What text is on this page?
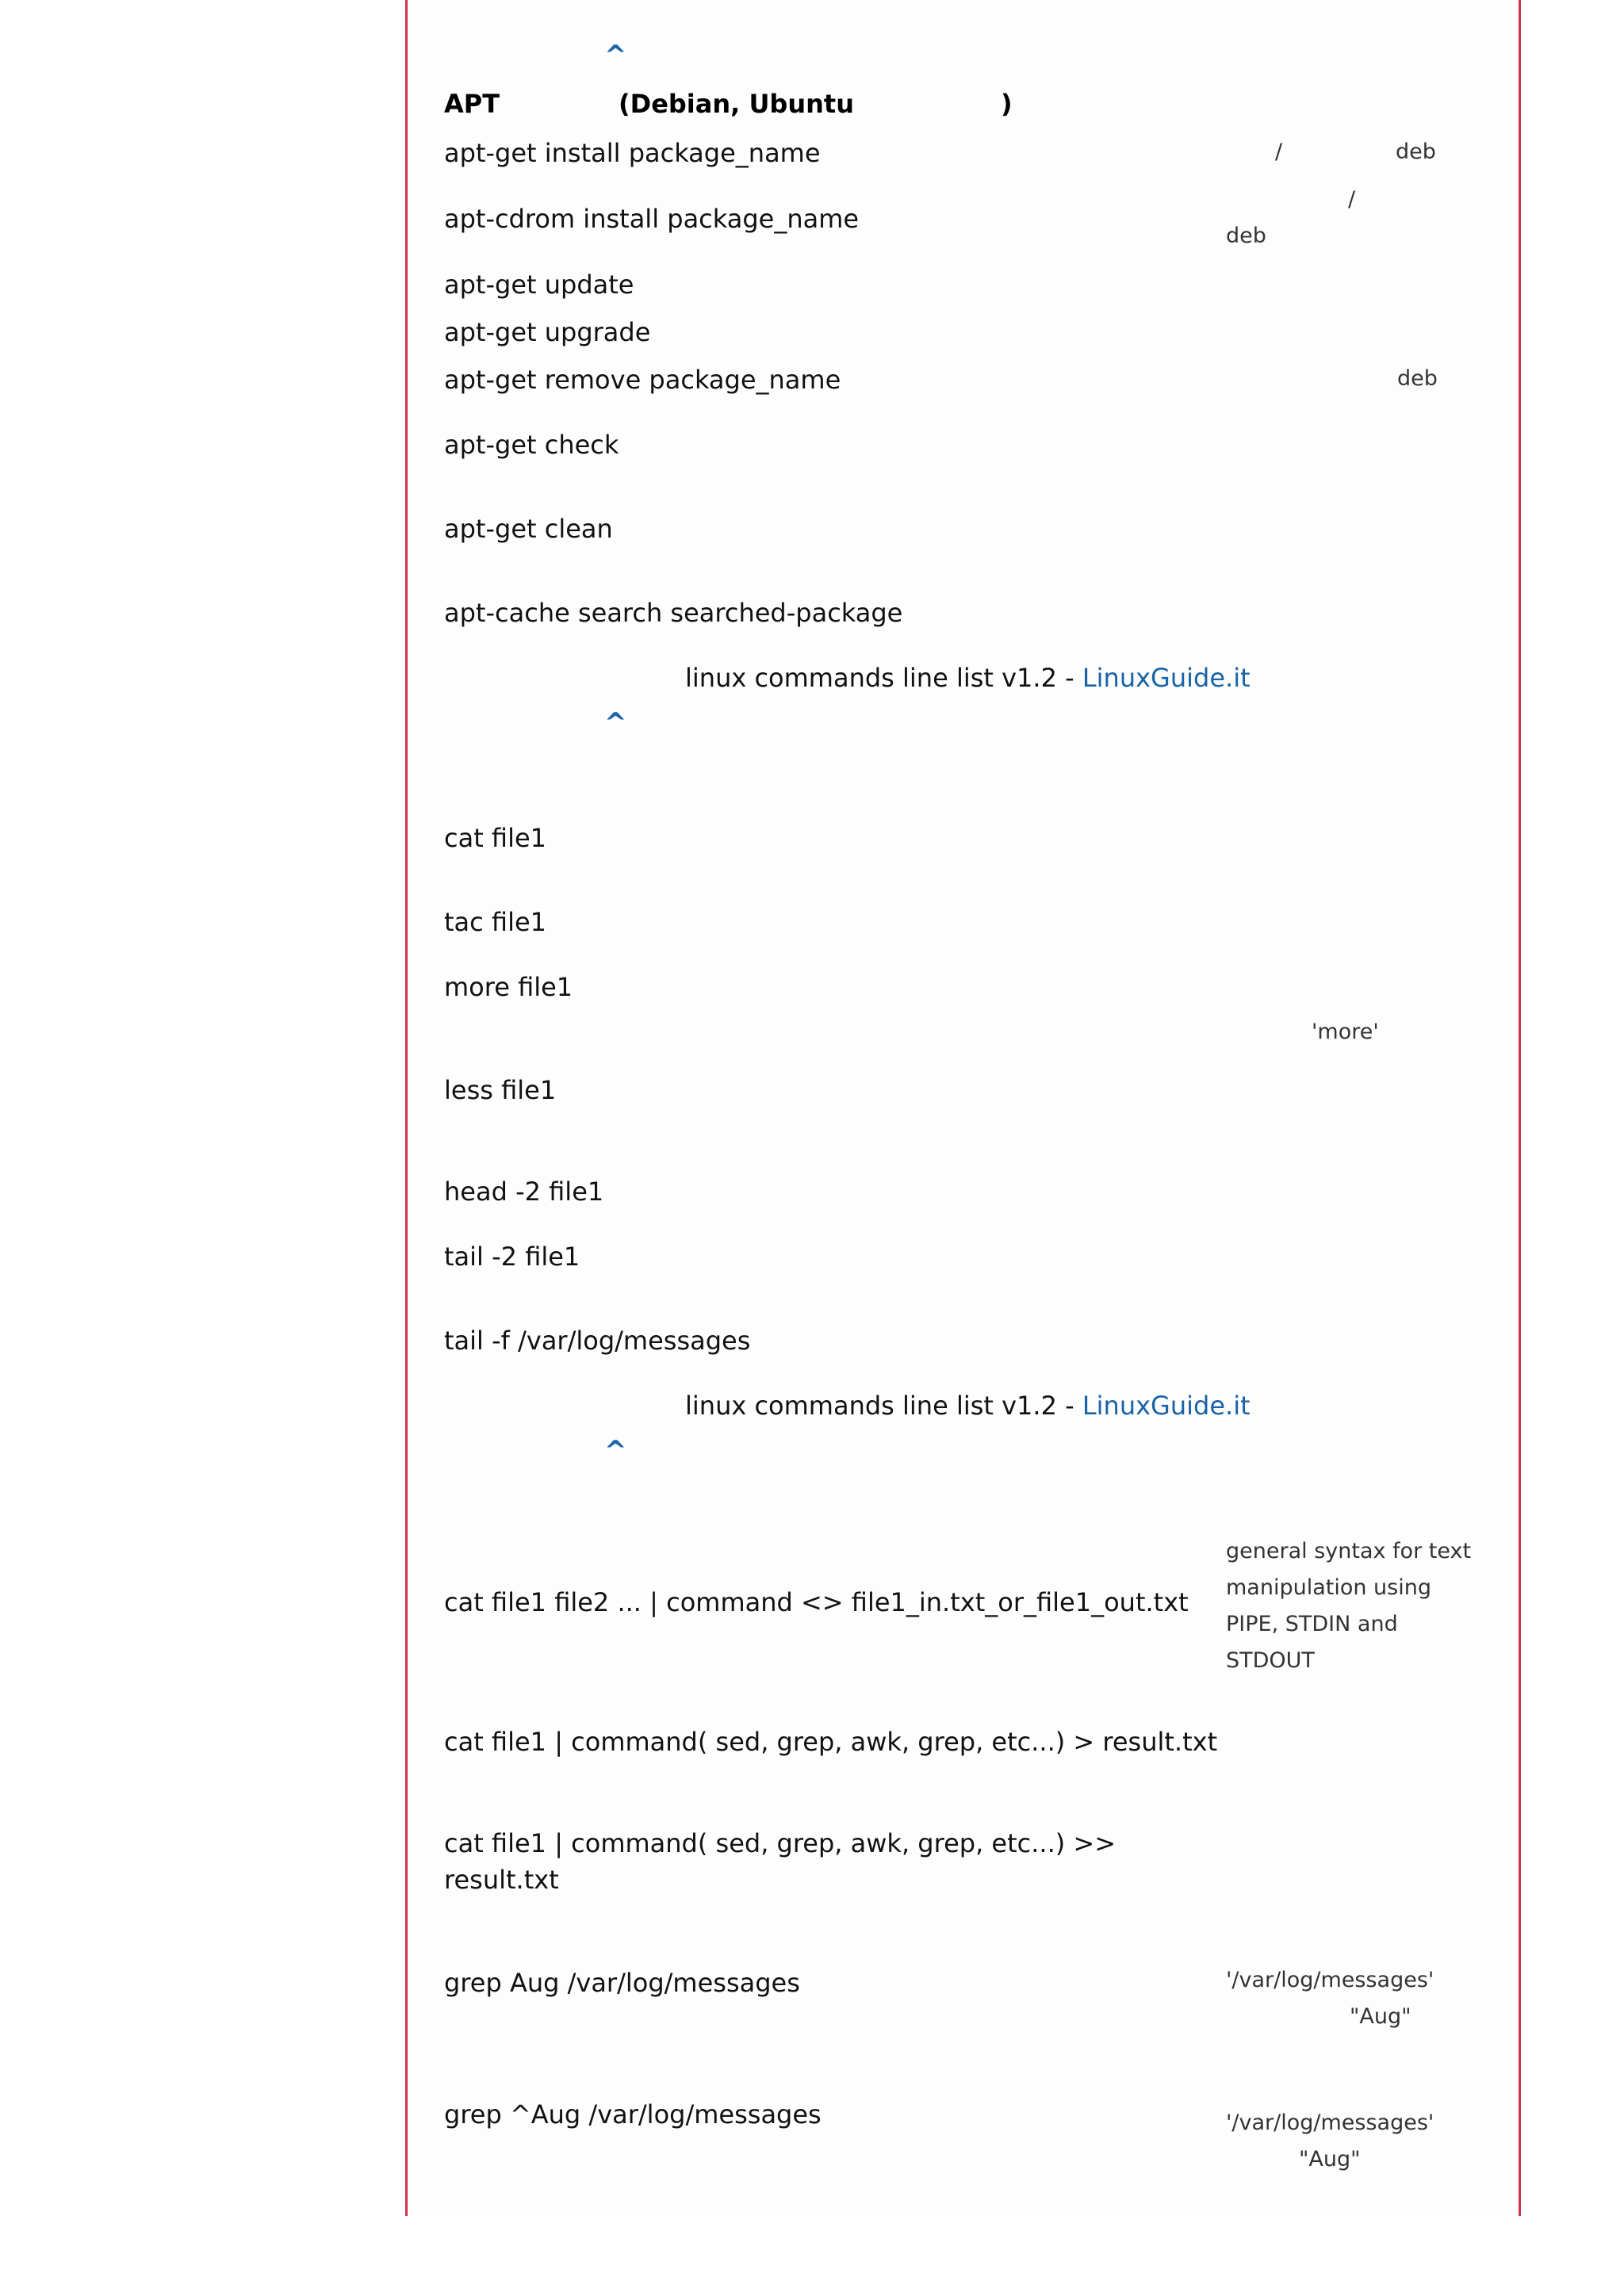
^
APT	(Debian, Ubuntu	)
apt-get install package_name	/	deb
/
apt-cdrom install package_name
deb
apt-get update
apt-get upgrade
apt-get remove package_name	deb
apt-get check
apt-get clean
apt-cache search searched-package
linux commands line list v1.2 - LinuxGuide.it
^
cat file1
tac file1
more file1
'more'
less file1
head -2 file1
tail -2 file1
tail -f /var/log/messages
linux commands line list v1.2 - LinuxGuide.it
^
cat file1 file2 ... | command <> file1_in.txt_or_file1_out.txt
general syntax for text
manipulation using
PIPE, STDIN and
STDOUT
cat file1 | command( sed, grep, awk, grep, etc...) > result.txt
cat file1 | command( sed, grep, awk, grep, etc...) >>
result.txt
grep Aug /var/log/messages	'/var/log/messages'
"Aug"
grep ^Aug /var/log/messages	'/var/log/messages'
"Aug"
